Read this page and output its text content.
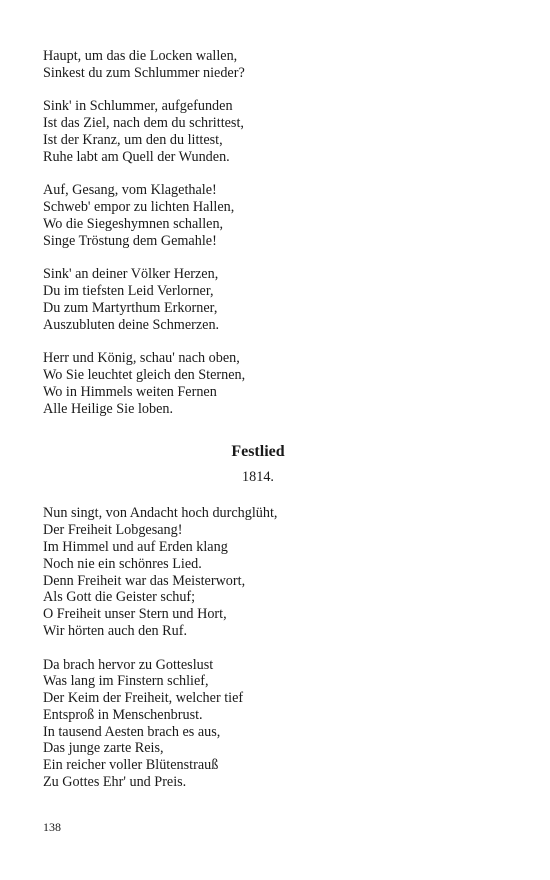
Haupt, um das die Locken wallen,
Sinkest du zum Schlummer nieder?
Sink' in Schlummer, aufgefunden
Ist das Ziel, nach dem du schrittest,
Ist der Kranz, um den du littest,
Ruhe labt am Quell der Wunden.
Auf, Gesang, vom Klagethale!
Schweb' empor zu lichten Hallen,
Wo die Siegeshymnen schallen,
Singe Tröstung dem Gemahle!
Sink' an deiner Völker Herzen,
Du im tiefsten Leid Verlorner,
Du zum Martyrthum Erkorner,
Auszubluten deine Schmerzen.
Herr und König, schau' nach oben,
Wo Sie leuchtet gleich den Sternen,
Wo in Himmels weiten Fernen
Alle Heilige Sie loben.
Festlied
1814.
Nun singt, von Andacht hoch durchglüht,
Der Freiheit Lobgesang!
Im Himmel und auf Erden klang
Noch nie ein schönres Lied.
Denn Freiheit war das Meisterwort,
Als Gott die Geister schuf;
O Freiheit unser Stern und Hort,
Wir hörten auch den Ruf.
Da brach hervor zu Gotteslust
Was lang im Finstern schlief,
Der Keim der Freiheit, welcher tief
Entsproß in Menschenbrust.
In tausend Aesten brach es aus,
Das junge zarte Reis,
Ein reicher voller Blütenstrauß
Zu Gottes Ehr' und Preis.
138
